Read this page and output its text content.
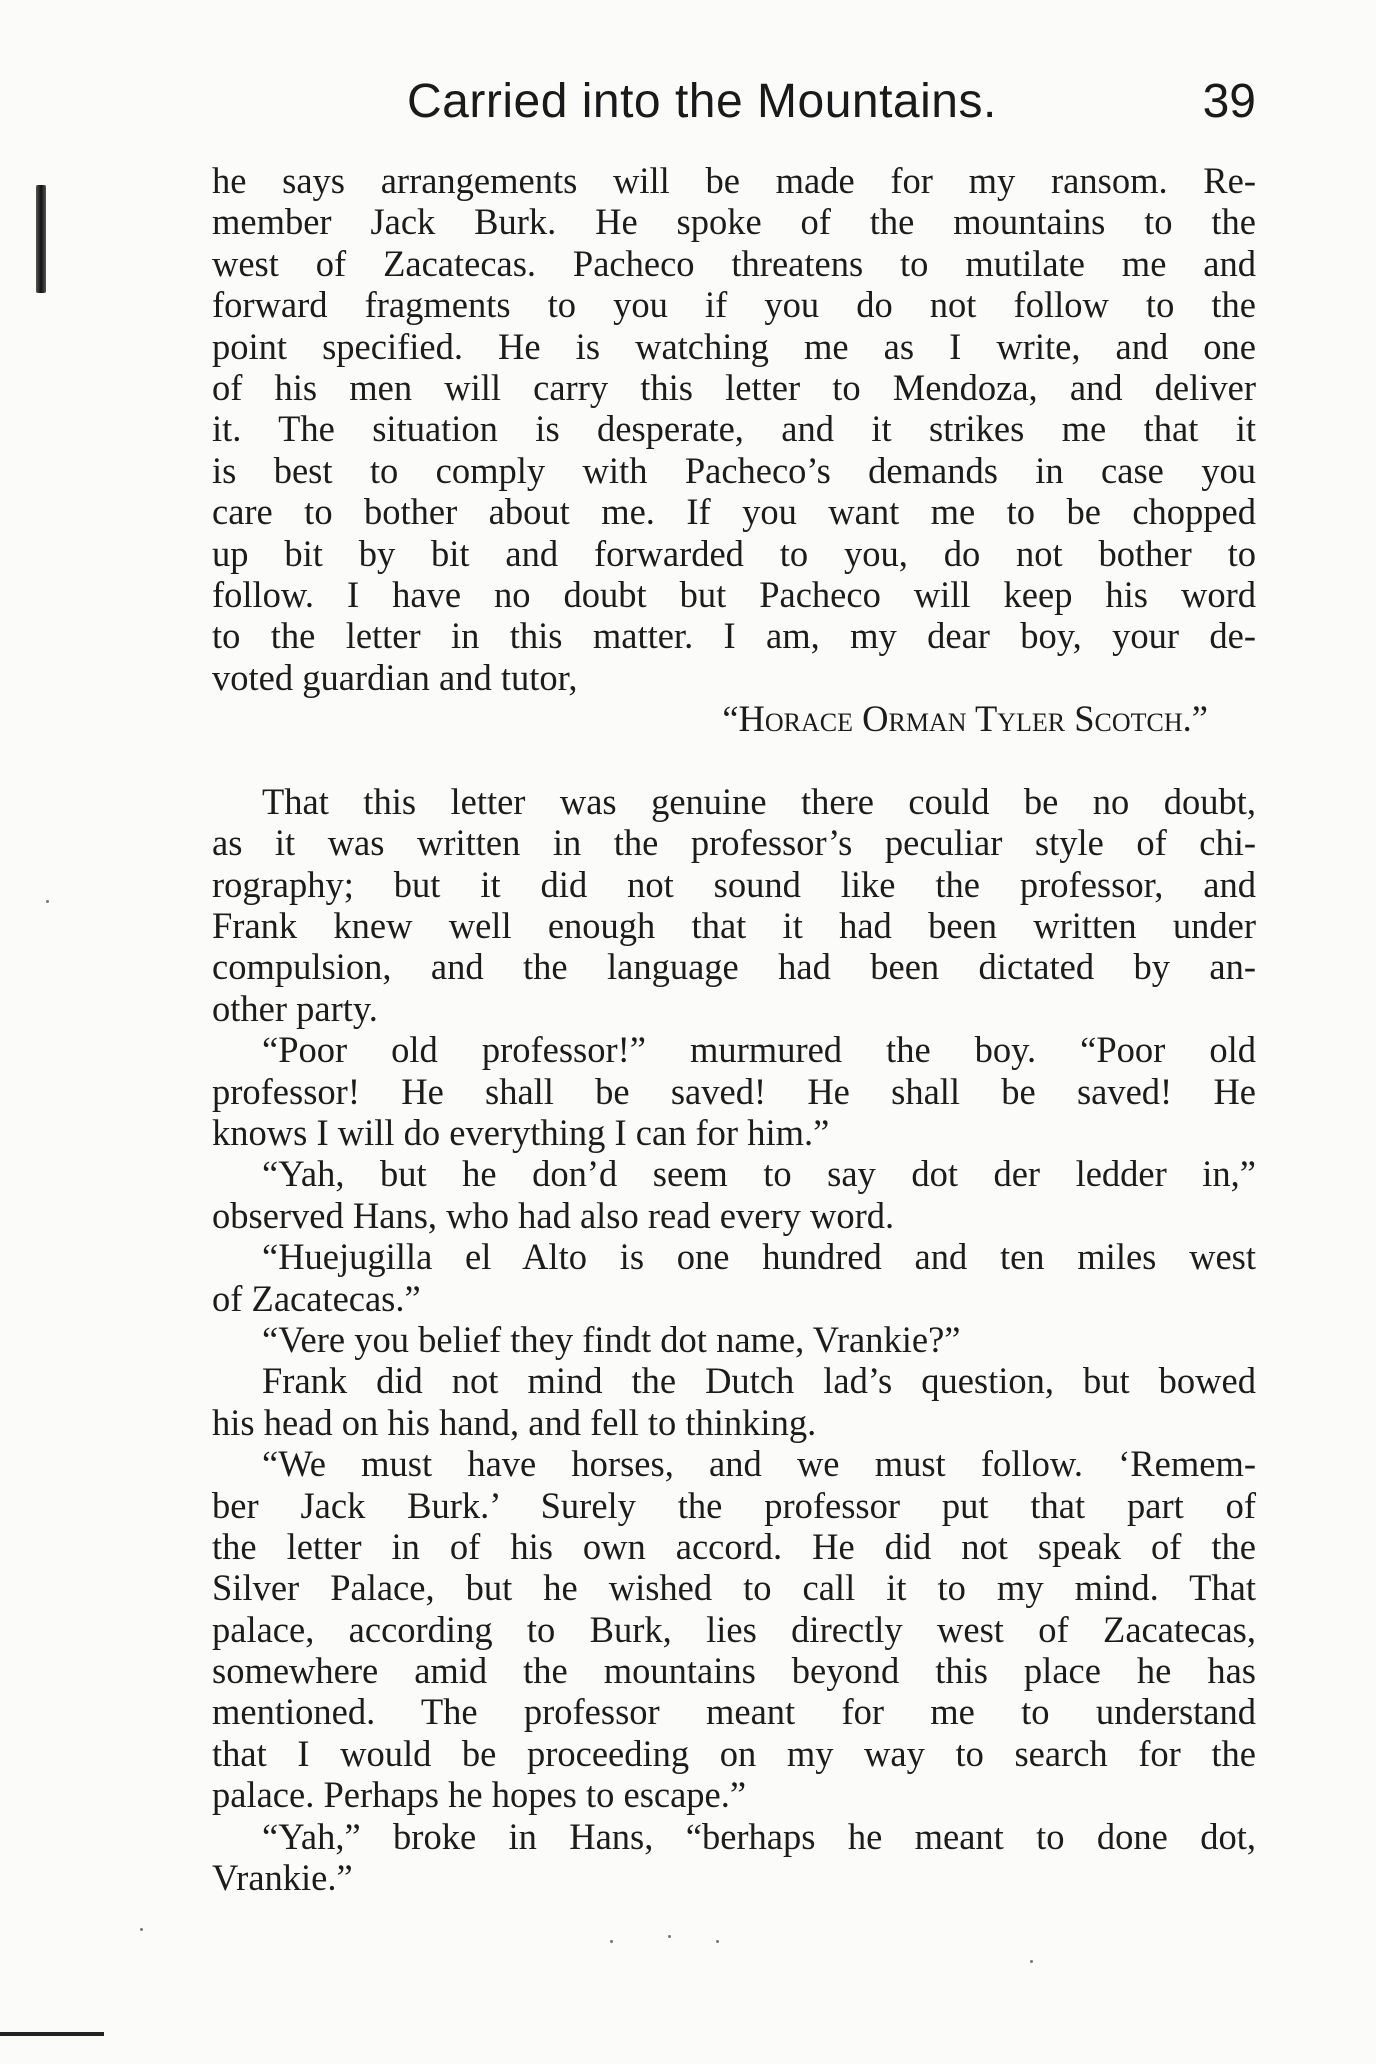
Carried into the Mountains.	39
he says arrangements will be made for my ransom. Re-
member Jack Burk. He spoke of the mountains to the
west of Zacatecas. Pacheco threatens to mutilate me and
forward fragments to you if you do not follow to the
point specified. He is watching me as I write, and one
of his men will carry this letter to Mendoza, and deliver
it. The situation is desperate, and it strikes me that it
is best to comply with Pacheco’s demands in case you
care to bother about me. If you want me to be chopped
up bit by bit and forwarded to you, do not bother to
follow. I have no doubt but Pacheco will keep his word
to the letter in this matter. I am, my dear boy, your de-
voted guardian and tutor,
“Horace Orman Tyler Scotch.”
That this letter was genuine there could be no doubt,
as it was written in the professor’s peculiar style of chi-
rography; but it did not sound like the professor, and
Frank knew well enough that it had been written under
compulsion, and the language had been dictated by an-
other party.
“Poor old professor!” murmured the boy. “Poor old
professor! He shall be saved! He shall be saved! He
knows I will do everything I can for him.”
“Yah, but he don’d seem to say dot der ledder in,”
observed Hans, who had also read every word.
“Huejugilla el Alto is one hundred and ten miles west
of Zacatecas.”
“Vere you belief they findt dot name, Vrankie?”
Frank did not mind the Dutch lad’s question, but bowed
his head on his hand, and fell to thinking.
“We must have horses, and we must follow. ‘Remem-
ber Jack Burk.’ Surely the professor put that part of
the letter in of his own accord. He did not speak of the
Silver Palace, but he wished to call it to my mind. That
palace, according to Burk, lies directly west of Zacatecas,
somewhere amid the mountains beyond this place he has
mentioned. The professor meant for me to understand
that I would be proceeding on my way to search for the
palace. Perhaps he hopes to escape.”
“Yah,” broke in Hans, “berhaps he meant to done dot,
Vrankie.”
